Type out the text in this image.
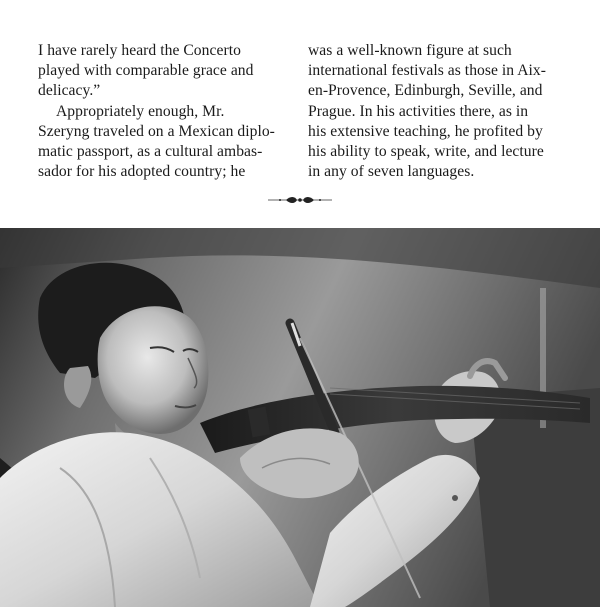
I have rarely heard the Concerto
played with comparable grace and
delicacy.”
Appropriately enough, Mr.
Szeryng traveled on a Mexican diplo-
matic passport, as a cultural ambas-
sador for his adopted country; he
was a well-known figure at such
international festivals as those in Aix-
en-Provence, Edinburgh, Seville, and
Prague. In his activities there, as in
his extensive teaching, he profited by
his ability to speak, write, and lecture
in any of seven languages.
